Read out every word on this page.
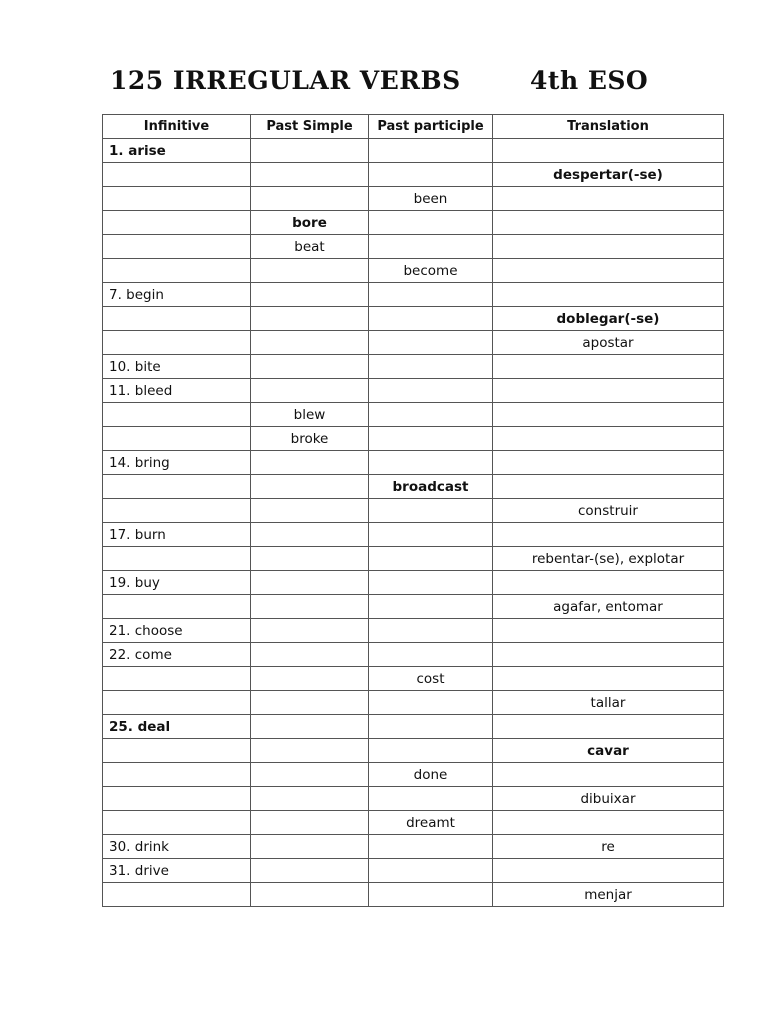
125 IRREGULAR VERBS	4th ESO
Infinitive	Past Simple	Past participle	Translation
1. arise			
			despertar(-se)
		been	
	bore		
	beat		
		become	
7. begin			
			doblegar(-se)
			apostar
10. bite			
11. bleed			
	blew		
	broke		
14. bring			
		broadcast	
			construir
17. burn			
			rebentar-(se), explotar
19. buy			
			agafar, entomar
21. choose			
22. come			
		cost	
			tallar
25. deal			
			cavar
		done	
			dibuixar
		dreamt	
30. drink			re
31. drive			
			menjar
